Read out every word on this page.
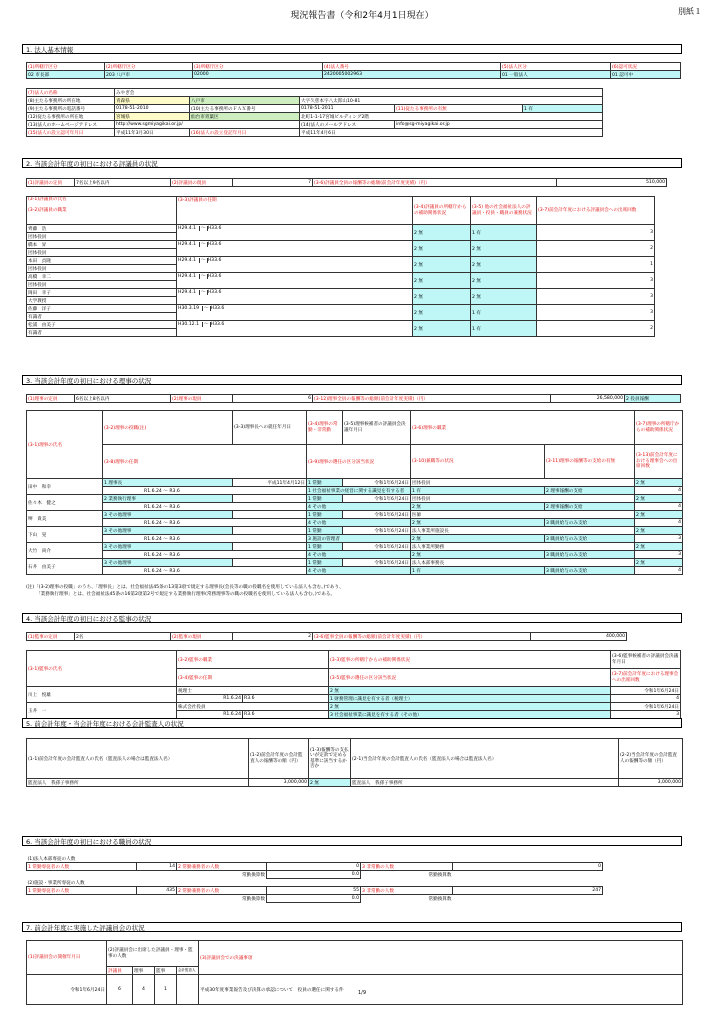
現況報告書（令和2年4月1日現在）	別紙１
1. 法人基本情報
(1)所轄庁区分	(2)所轄庁区分	(3)所轄庁区分	(4)法人番号	(5)法人区分	(6)認可状況
02 市長部	203 八戸市	02000	2420005002963	01 一般法人	01 認可中
(7)法人の名称	みやぎ会				
(8)主たる事務所の所在地	青森県	八戸市	大字久慈本字八太郎山10-81		
(9)主たる事務所の電話番号	0178-51-2010	(10)主たる事務所のＦＡＸ番号	0178-51-2011	(11)従たる事務所の有無	1 有
(12)従たる事務所の所在地	宮城県	仙台市青葉区	北町1-1-17宮城ビルディング2階		
(13)法人のホームページアドレス	http://www.sgmiyagikai.or.jp/		(14)法人のメールアドレス	info@sg-miyagikai.or.jp	
(15)法人の設立認可年月日	平成11年3月30日	(16)法人の設立登記年月日	平成11年4月6日		
2. 当該会計年度の初日における評議員の状況
(1)評議員の定員	7名以上9名以内	(2)評議員の現員	7	(3-6)評議員全員の報酬等の総額(前会計年度実績)（円）	510,000
(3-1)評議員の氏名

(3-2)評議員の職業	(3-3)評議員の任期	(3-4)評議員の所轄庁からの補助関係状況	(3-5) 他の社会福祉法人の評議員・役員・職員の兼務状況	(3-7)前会計年度における評議員会への出席回数
齊藤　浩	H29.4.1 ～ H33.6	2 無	1 有	3
団体役員				
橋本　昇	H29.4.1 ～ H33.6	2 無	2 無	2
団体役員				
本田　貞隆	H29.4.1 ～ H33.6	2 無	2 無	1
団体役員				
高橋　幸二	H29.4.1 ～ H33.6	2 無	2 無	3
団体役員				
岡田　幸子	H29.4.1 ～ H33.6	2 無	2 無	3
大学教授				
佐藤　洋子	H30.3.19 ～ H33.6	2 無	1 有	3
有識者				
松浦　由美子	H30.12.1 ～ H33.6	2 無	1 有	2
有識者				
3. 当該会計年度の初日における理事の状況
(1)理事の定員	6名以上8名以内	(2)理事の現員	6	(3-12)理事全員の報酬等の総額(前会計年度実績)（円）	26,580,000	2 役員報酬
(3-1)理事の氏名	(3-2)理事の役職(注)	(3-3)理事長への就任年月日	(3-4)理事の常勤・非常勤	(3-5)理事候補者の評議員会決議年月日	(3-6)理事の職業		(3-7)理事の所轄庁からの補助関係状況
	(3-8)理事の任期		(3-9)理事の選任の区分該当状況		(3-10)兼職等の状況	(3-11)理事の報酬等の支給の有無	(3-13)前会計年度における理事会への出席回数
田中　和幸	1 理事長	平成11年4月12日	1 常勤	令和1年6月24日	団体役員		2 無
	R1.6.24 ～ R3.6		1 社会福祉事業の経営に関する識見を有する者		1 有	2 理事報酬の支給	4
佐々木　健之	2 業務執行理事		1 常勤	令和1年6月24日	団体役員		2 無
	R1.6.24 ～ R3.6		4 その他		2 無	2 理事報酬の支給	4
堺　貴美	3 その他理事		1 常勤	令和1年6月24日	医師		2 無
	R1.6.24 ～ R3.6		4 その他		2 無	3 職員給与のみ支給	4
下山　晃	3 その他理事		1 常勤	令和1年6月24日	法人事業所施設長		2 無
	R1.6.24 ～ R3.6		3 施設の管理者		2 無	3 職員給与のみ支給	3
大竹　尚介	3 その他理事		1 常勤	令和1年6月24日	法人事業所勤務		2 無
	R1.6.24 ～ R3.6		4 その他		2 無	3 職員給与のみ支給	3
石井　由美子	3 その他理事		1 常勤	令和1年6月24日	法人本部事務長		2 無
	R1.6.24 ～ R3.6		4 その他		1 有	3 職員給与のみ支給	4
(注)「(3-2)理事の役職」のうち、「理事長」とは、社会福祉法45条の13第3項で規定する理事長(会長等の職の役職名を使用している法人も含む。)であり、
「業務執行理事」とは、社会福祉法45条の16第2項第2号で規定する業務執行理事(常務理事等の職の役職名を使用している法人も含む。)である。
4. 当該会計年度の初日における監事の状況
(1)監事の定員	2名	(2)監事の現員	2	(3-6)監事全員の報酬等の総額(前会計年度実績)（円）	400,000
(3-1)監事の氏名	(3-2)監事の職業		(3-3)監事の所轄庁からの補助関係状況	(3-6)監事候補者の評議員会決議年月日
	(3-4)監事の任期		(3-5)監事の選任の区分該当状況	(3-7)前会計年度における理事会への出席回数
川上　悦雄	税理士		2 無	令和1年6月24日
	R1.6.24	R3.6	1 財務管理に識見を有する者（税理士）	4
玉井　一	株式会社役員		2 無	令和1年6月24日
	R1.6.24	R3.6	3 社会福祉事業に識見を有する者（その他）	3
5. 前会計年度・当会計年度における会計監査人の状況
(1-1)前会計年度の会計監査人の氏名（監査法人の場合は監査法人名）	(1-2)前会計年度の会計監査人の報酬等の額（円）	(1-3)報酬等の支払いが定款で定める基準に該当するか否か	(2-1)当会計年度の会計監査人の氏名（監査法人の場合は監査法人名）	(2-2)当会計年度の会計監査人の報酬等の額（円）
監査法人　我孫子事務所	3,000,000	2 無	監査法人　我孫子事務所	3,000,000
6. 当該会計年度の初日における職員の状況
(1)法人本部専従の人数					
1 常勤専従者の人数	14	2 常勤兼務者の人数	0	3 非常勤の人数	0
		常勤換算数	0.0	常勤換算数	
(2)施設・事業所専従の人数					
1 常勤専従者の人数	435	2 常勤兼務者の人数	55	3 非常勤の人数	247
		常勤換算数	0.0	常勤換算数	
7. 前会計年度に実施した評議員会の状況
(1)評議員会の開催年月日	(2)評議員会に出席した評議員・理事・監事の人数				(3)評議員会での決議事項
	評議員	理事	監事	会計監査人	
令和1年6月24日	6	4	1		平成30年度事業報告及び決算の承認について　役員の選任に関する件	1/9
